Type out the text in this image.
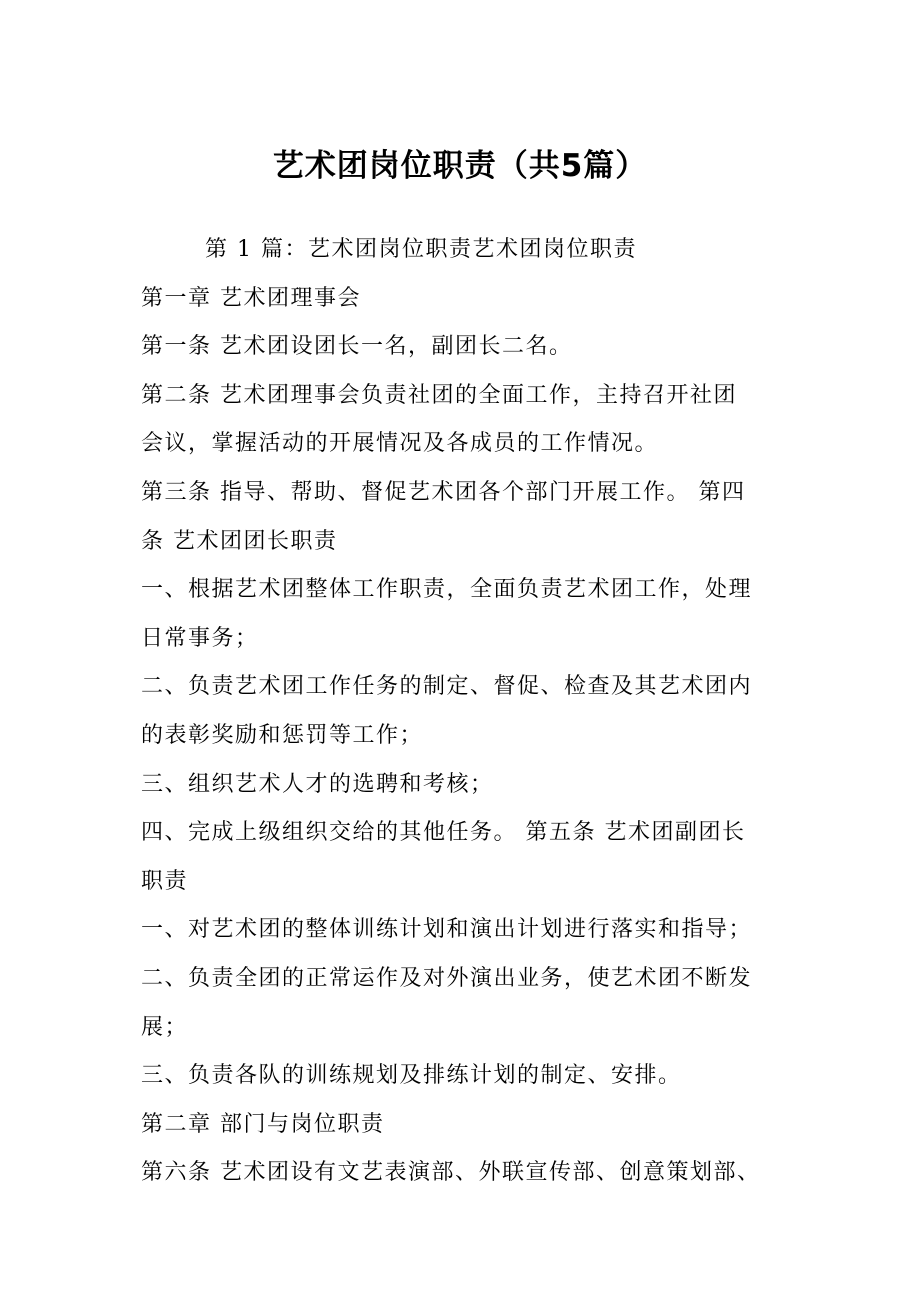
艺术团岗位职责（共5篇）
第 1 篇：艺术团岗位职责艺术团岗位职责
第一章 艺术团理事会
第一条 艺术团设团长一名，副团长二名。
第二条 艺术团理事会负责社团的全面工作，主持召开社团
会议，掌握活动的开展情况及各成员的工作情况。
第三条 指导、帮助、督促艺术团各个部门开展工作。 第四
条 艺术团团长职责
一、根据艺术团整体工作职责，全面负责艺术团工作，处理
日常事务；
二、负责艺术团工作任务的制定、督促、检查及其艺术团内
的表彰奖励和惩罚等工作；
三、组织艺术人才的选聘和考核；
四、完成上级组织交给的其他任务。 第五条 艺术团副团长
职责
一、对艺术团的整体训练计划和演出计划进行落实和指导；
二、负责全团的正常运作及对外演出业务，使艺术团不断发
展；
三、负责各队的训练规划及排练计划的制定、安排。
第二章 部门与岗位职责
第六条 艺术团设有文艺表演部、外联宣传部、创意策划部、
